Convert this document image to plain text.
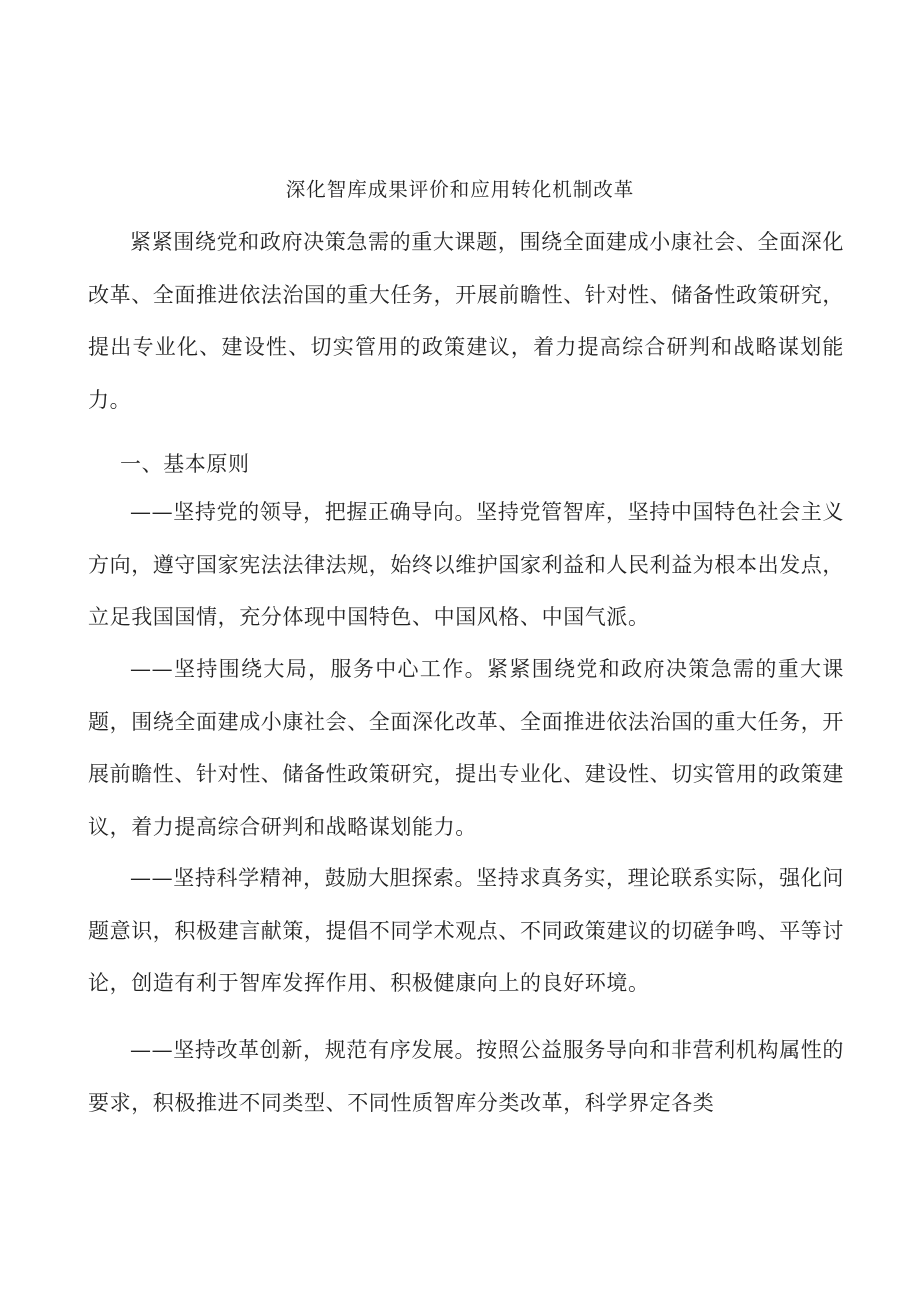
深化智库成果评价和应用转化机制改革

紧紧围绕党和政府决策急需的重大课题，围绕全面建成小康社会、全面深化改革、全面推进依法治国的重大任务，开展前瞻性、针对性、储备性政策研究，提出专业化、建设性、切实管用的政策建议，着力提高综合研判和战略谋划能力。

一、基本原则

——坚持党的领导，把握正确导向。坚持党管智库，坚持中国特色社会主义方向，遵守国家宪法法律法规，始终以维护国家利益和人民利益为根本出发点，立足我国国情，充分体现中国特色、中国风格、中国气派。

——坚持围绕大局，服务中心工作。紧紧围绕党和政府决策急需的重大课题，围绕全面建成小康社会、全面深化改革、全面推进依法治国的重大任务，开展前瞻性、针对性、储备性政策研究，提出专业化、建设性、切实管用的政策建议，着力提高综合研判和战略谋划能力。

——坚持科学精神，鼓励大胆探索。坚持求真务实，理论联系实际，强化问题意识，积极建言献策，提倡不同学术观点、不同政策建议的切磋争鸣、平等讨论，创造有利于智库发挥作用、积极健康向上的良好环境。

——坚持改革创新，规范有序发展。按照公益服务导向和非营利机构属性的要求，积极推进不同类型、不同性质智库分类改革，科学界定各类
